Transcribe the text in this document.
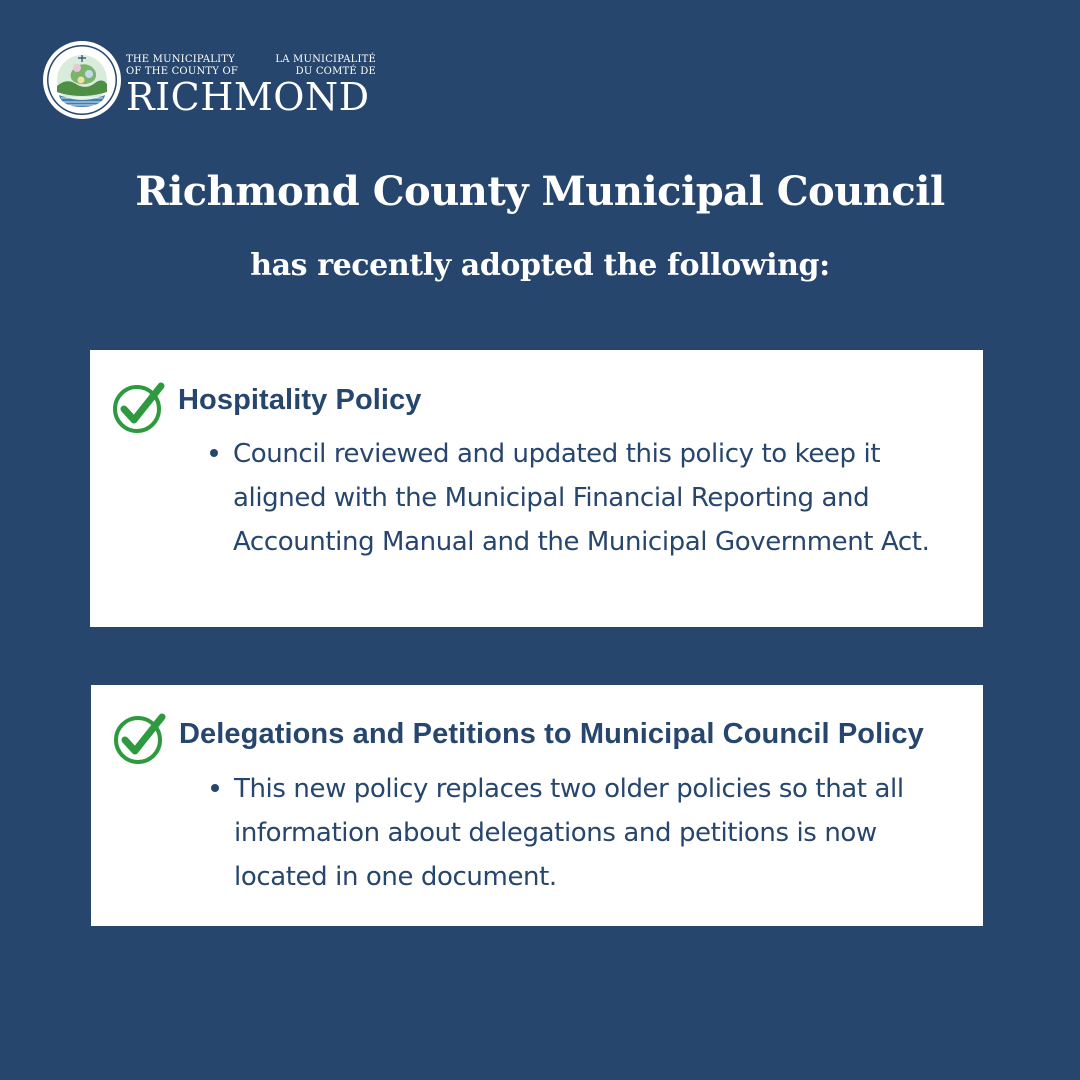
THE MUNICIPALITY	LA MUNICIPALITÉ
OF THE COUNTY OF	DU COMTÉ DE
RICHMOND
Richmond County Municipal Council
has recently adopted the following:
Hospitality Policy
Council reviewed and updated this policy to keep it aligned with the Municipal Financial Reporting and Accounting Manual and the Municipal Government Act.
Delegations and Petitions to Municipal Council Policy
This new policy replaces two older policies so that all information about delegations and petitions is now located in one document.
